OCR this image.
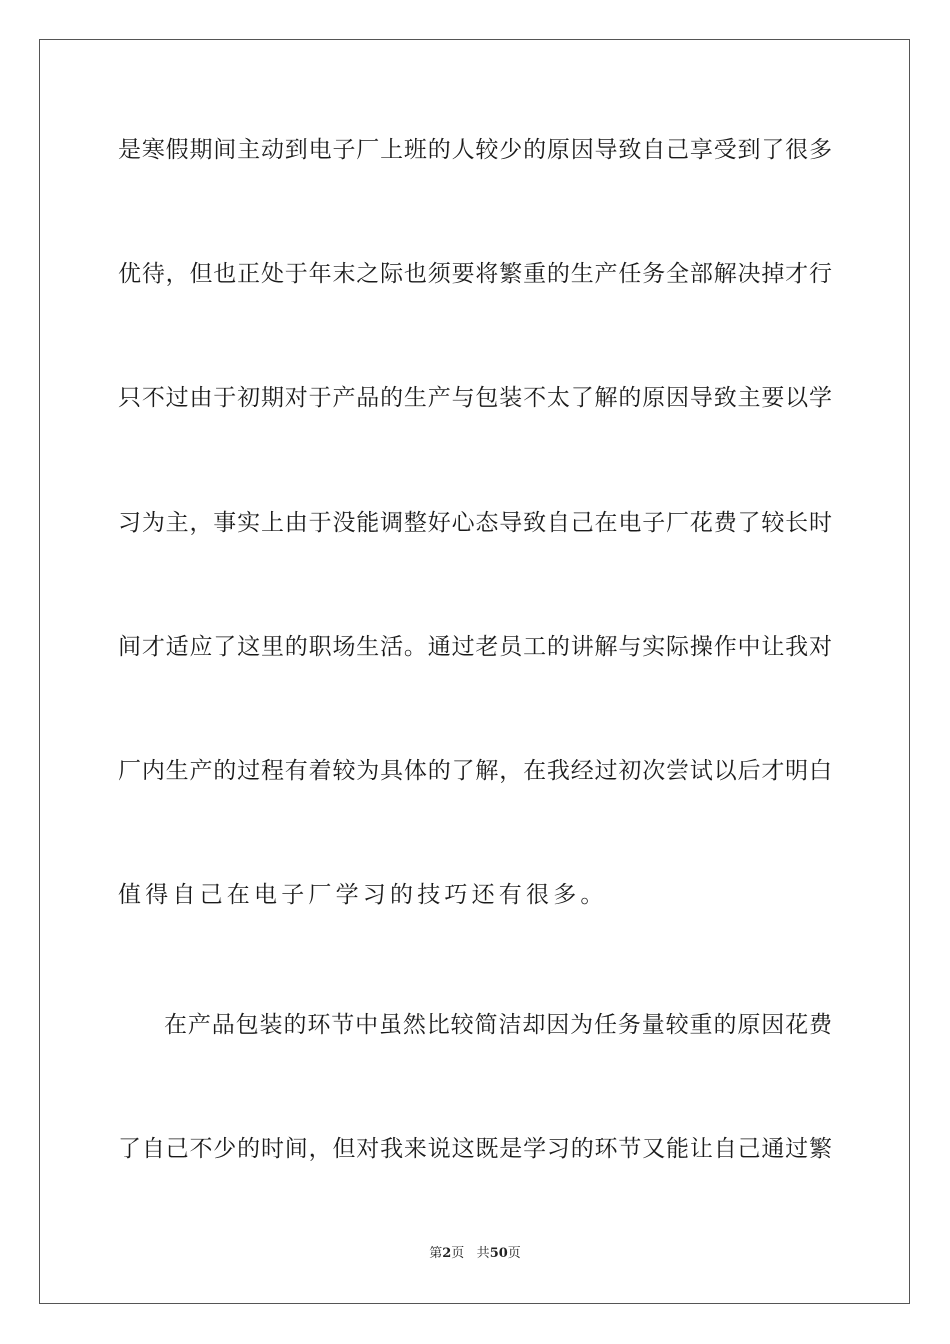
是寒假期间主动到电子厂上班的人较少的原因导致自己享受到了很多
优待，但也正处于年末之际也须要将繁重的生产任务全部解决掉才行
只不过由于初期对于产品的生产与包装不太了解的原因导致主要以学
习为主，事实上由于没能调整好心态导致自己在电子厂花费了较长时
间才适应了这里的职场生活。通过老员工的讲解与实际操作中让我对
厂内生产的过程有着较为具体的了解，在我经过初次尝试以后才明白
值得自己在电子厂学习的技巧还有很多。
在产品包装的环节中虽然比较简洁却因为任务量较重的原因花费
了自己不少的时间，但对我来说这既是学习的环节又能让自己通过繁
第2页 共50页
